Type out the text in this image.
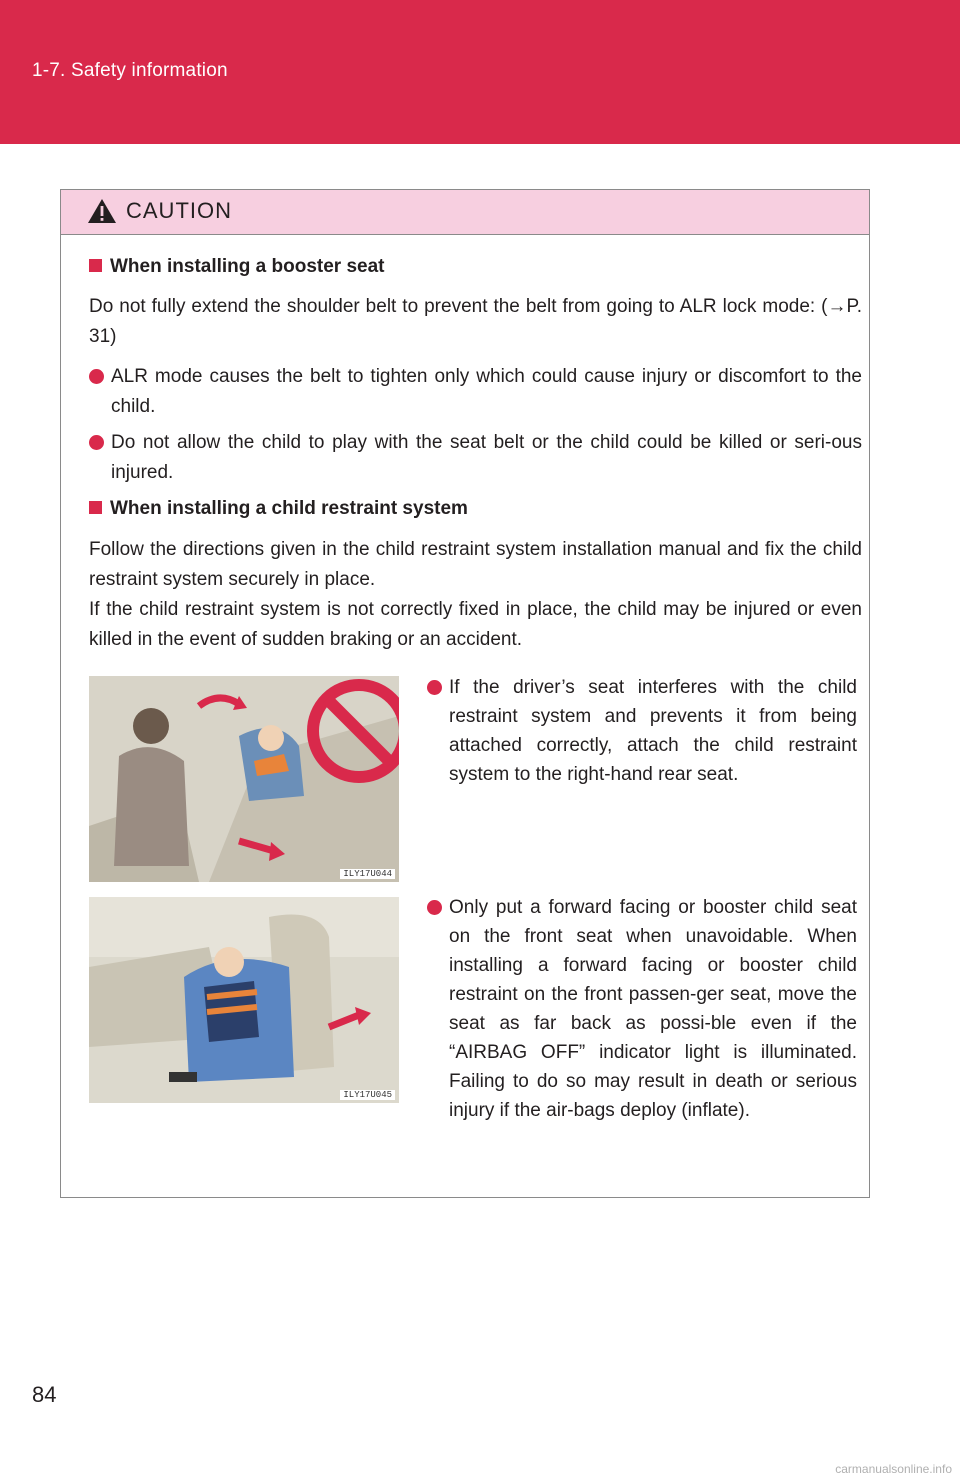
1-7. Safety information
CAUTION
When installing a booster seat
Do not fully extend the shoulder belt to prevent the belt from going to ALR lock mode: (→P. 31)
ALR mode causes the belt to tighten only which could cause injury or discomfort to the child.
Do not allow the child to play with the seat belt or the child could be killed or seri-ous injured.
When installing a child restraint system
Follow the directions given in the child restraint system installation manual and fix the child restraint system securely in place.
If the child restraint system is not correctly fixed in place, the child may be injured or even killed in the event of sudden braking or an accident.
ILY17U044
If the driver’s seat interferes with the child restraint system and prevents it from being attached correctly, attach the child restraint system to the right-hand rear seat.
ILY17U045
Only put a forward facing or booster child seat on the front seat when unavoidable. When installing a forward facing or booster child restraint on the front passen-ger seat, move the seat as far back as possi-ble even if the “AIRBAG OFF” indicator light is illuminated. Failing to do so may result in death or serious injury if the air-bags deploy (inflate).
84
carmanualsonline.info
